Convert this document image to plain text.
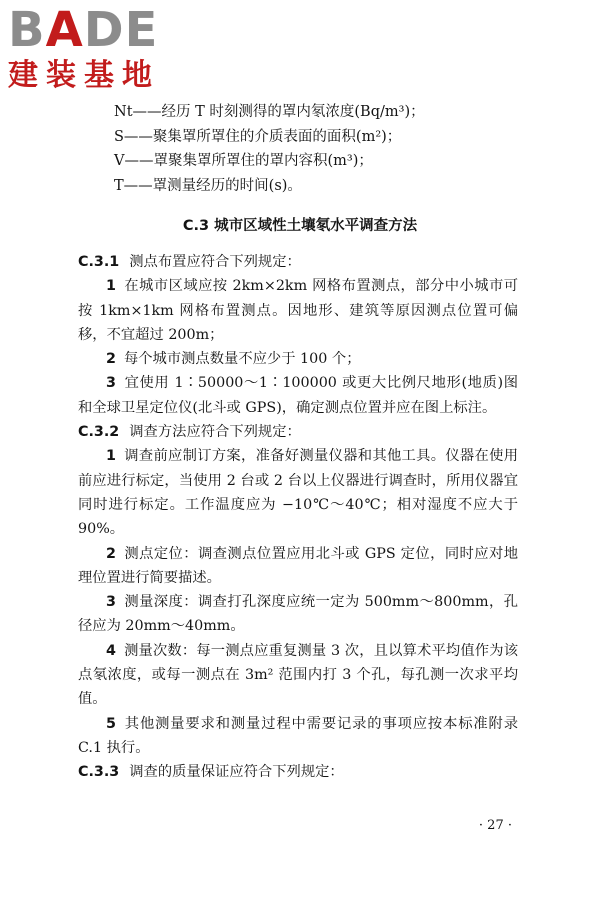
BADE
建装基地
Nt——经历 T 时刻测得的罩内氡浓度(Bq/m³)；
S——聚集罩所罩住的介质表面的面积(m²)；
V——罩聚集罩所罩住的罩内容积(m³)；
T——罩测量经历的时间(s)。
C.3 城市区域性土壤氡水平调查方法

C.3.1 测点布置应符合下列规定：

1 在城市区域应按 2km×2km 网格布置测点，部分中小城市可按 1km×1km 网格布置测点。因地形、建筑等原因测点位置可偏移，不宜超过 200m；

2 每个城市测点数量不应少于 100 个；

3 宜使用 1∶50000～1∶100000 或更大比例尺地形(地质)图和全球卫星定位仪(北斗或 GPS)，确定测点位置并应在图上标注。

C.3.2 调查方法应符合下列规定：

1 调查前应制订方案，准备好测量仪器和其他工具。仪器在使用前应进行标定，当使用 2 台或 2 台以上仪器进行调查时，所用仪器宜同时进行标定。工作温度应为 −10℃～40℃；相对湿度不应大于 90%。

2 测点定位：调查测点位置应用北斗或 GPS 定位，同时应对地理位置进行简要描述。

3 测量深度：调查打孔深度应统一定为 500mm～800mm，孔径应为 20mm～40mm。

4 测量次数：每一测点应重复测量 3 次，且以算术平均值作为该点氡浓度，或每一测点在 3m² 范围内打 3 个孔，每孔测一次求平均值。

5 其他测量要求和测量过程中需要记录的事项应按本标准附录 C.1 执行。

C.3.3 调查的质量保证应符合下列规定：

· 27 ·
